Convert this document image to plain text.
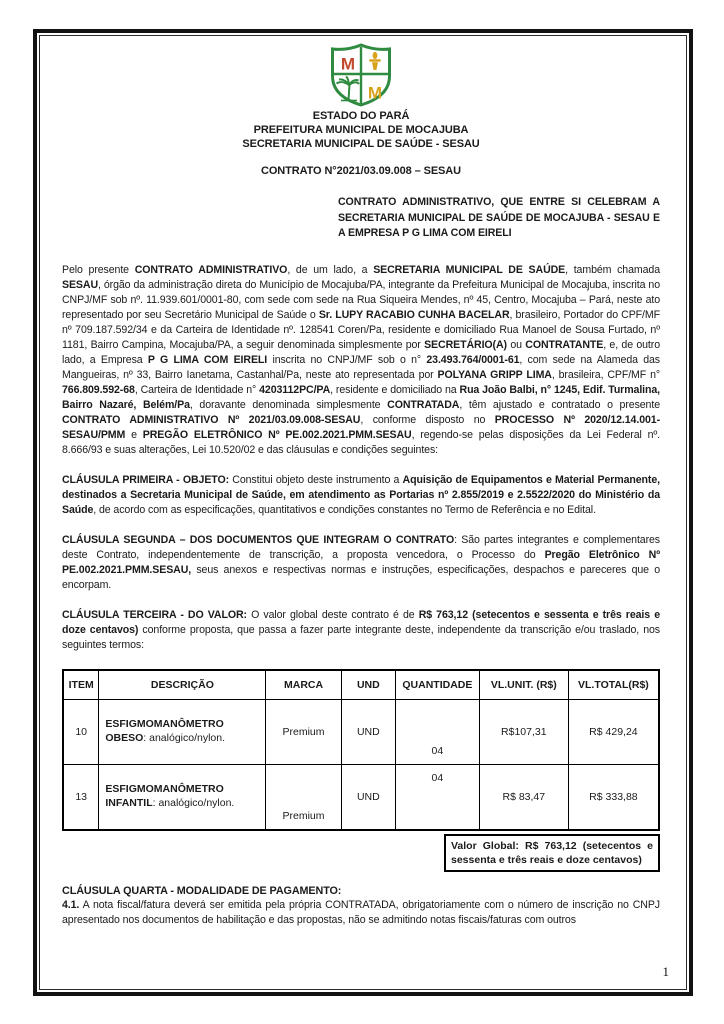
M
M
ESTADO DO PARÁ
PREFEITURA MUNICIPAL DE MOCAJUBA
SECRETARIA MUNICIPAL DE SAÚDE - SESAU
CONTRATO N°2021/03.09.008 – SESAU
CONTRATO ADMINISTRATIVO, QUE ENTRE SI CELEBRAM A SECRETARIA MUNICIPAL DE SAÚDE DE MOCAJUBA - SESAU E A EMPRESA P G LIMA COM EIRELI
Pelo presente CONTRATO ADMINISTRATIVO, de um lado, a SECRETARIA MUNICIPAL DE SAÚDE, também chamada SESAU, órgão da administração direta do Município de Mocajuba/PA, integrante da Prefeitura Municipal de Mocajuba, inscrita no CNPJ/MF sob nº. 11.939.601/0001-80, com sede com sede na Rua Siqueira Mendes, nº 45, Centro, Mocajuba – Pará, neste ato representado por seu Secretário Municipal de Saúde o Sr. LUPY RACABIO CUNHA BACELAR, brasileiro, Portador do CPF/MF nº 709.187.592/34 e da Carteira de Identidade nº. 128541 Coren/Pa, residente e domiciliado Rua Manoel de Sousa Furtado, nº 1181, Bairro Campina, Mocajuba/PA, a seguir denominada simplesmente por SECRETÁRIO(A) ou CONTRATANTE, e, de outro lado, a Empresa P G LIMA COM EIRELI inscrita no CNPJ/MF sob o n° 23.493.764/0001-61, com sede na Alameda das Mangueiras, nº 33, Bairro Ianetama, Castanhal/Pa, neste ato representada por POLYANA GRIPP LIMA, brasileira, CPF/MF n° 766.809.592-68, Carteira de Identidade n° 4203112PC/PA, residente e domiciliado na Rua João Balbi, n° 1245, Edif. Turmalina, Bairro Nazaré, Belém/Pa, doravante denominada simplesmente CONTRATADA, têm ajustado e contratado o presente CONTRATO ADMINISTRATIVO Nº 2021/03.09.008-SESAU, conforme disposto no PROCESSO Nº 2020/12.14.001-SESAU/PMM e PREGÃO ELETRÔNICO Nº PE.002.2021.PMM.SESAU, regendo-se pelas disposições da Lei Federal nº. 8.666/93 e suas alterações, Lei 10.520/02 e das cláusulas e condições seguintes:
CLÁUSULA PRIMEIRA - OBJETO: Constitui objeto deste instrumento a Aquisição de Equipamentos e Material Permanente, destinados a Secretaria Municipal de Saúde, em atendimento as Portarias nº 2.855/2019 e 2.5522/2020 do Ministério da Saúde, de acordo com as especificações, quantitativos e condições constantes no Termo de Referência e no Edital.
CLÁUSULA SEGUNDA – DOS DOCUMENTOS QUE INTEGRAM O CONTRATO: São partes integrantes e complementares deste Contrato, independentemente de transcrição, a proposta vencedora, o Processo do Pregão Eletrônico Nº PE.002.2021.PMM.SESAU, seus anexos e respectivas normas e instruções, especificações, despachos e pareceres que o encorpam.
CLÁUSULA TERCEIRA - DO VALOR: O valor global deste contrato é de R$ 763,12 (setecentos e sessenta e três reais e doze centavos) conforme proposta, que passa a fazer parte integrante deste, independente da transcrição e/ou traslado, nos seguintes termos:
ITEM	DESCRIÇÃO	MARCA	UND	QUANTIDADE	VL.UNIT. (R$)	VL.TOTAL(R$)
10	ESFIGMOMANÔMETRO OBESO: analógico/nylon.	Premium	UND	04	R$107,31	R$ 429,24
13	ESFIGMOMANÔMETRO INFANTIL: analógico/nylon.	Premium	UND	04	R$ 83,47	R$ 333,88
Valor Global: R$ 763,12 (setecentos e sessenta e três reais e doze centavos)
CLÁUSULA QUARTA - MODALIDADE DE PAGAMENTO:
4.1. A nota fiscal/fatura deverá ser emitida pela própria CONTRATADA, obrigatoriamente com o número de inscrição no CNPJ apresentado nos documentos de habilitação e das propostas, não se admitindo notas fiscais/faturas com outros
1
